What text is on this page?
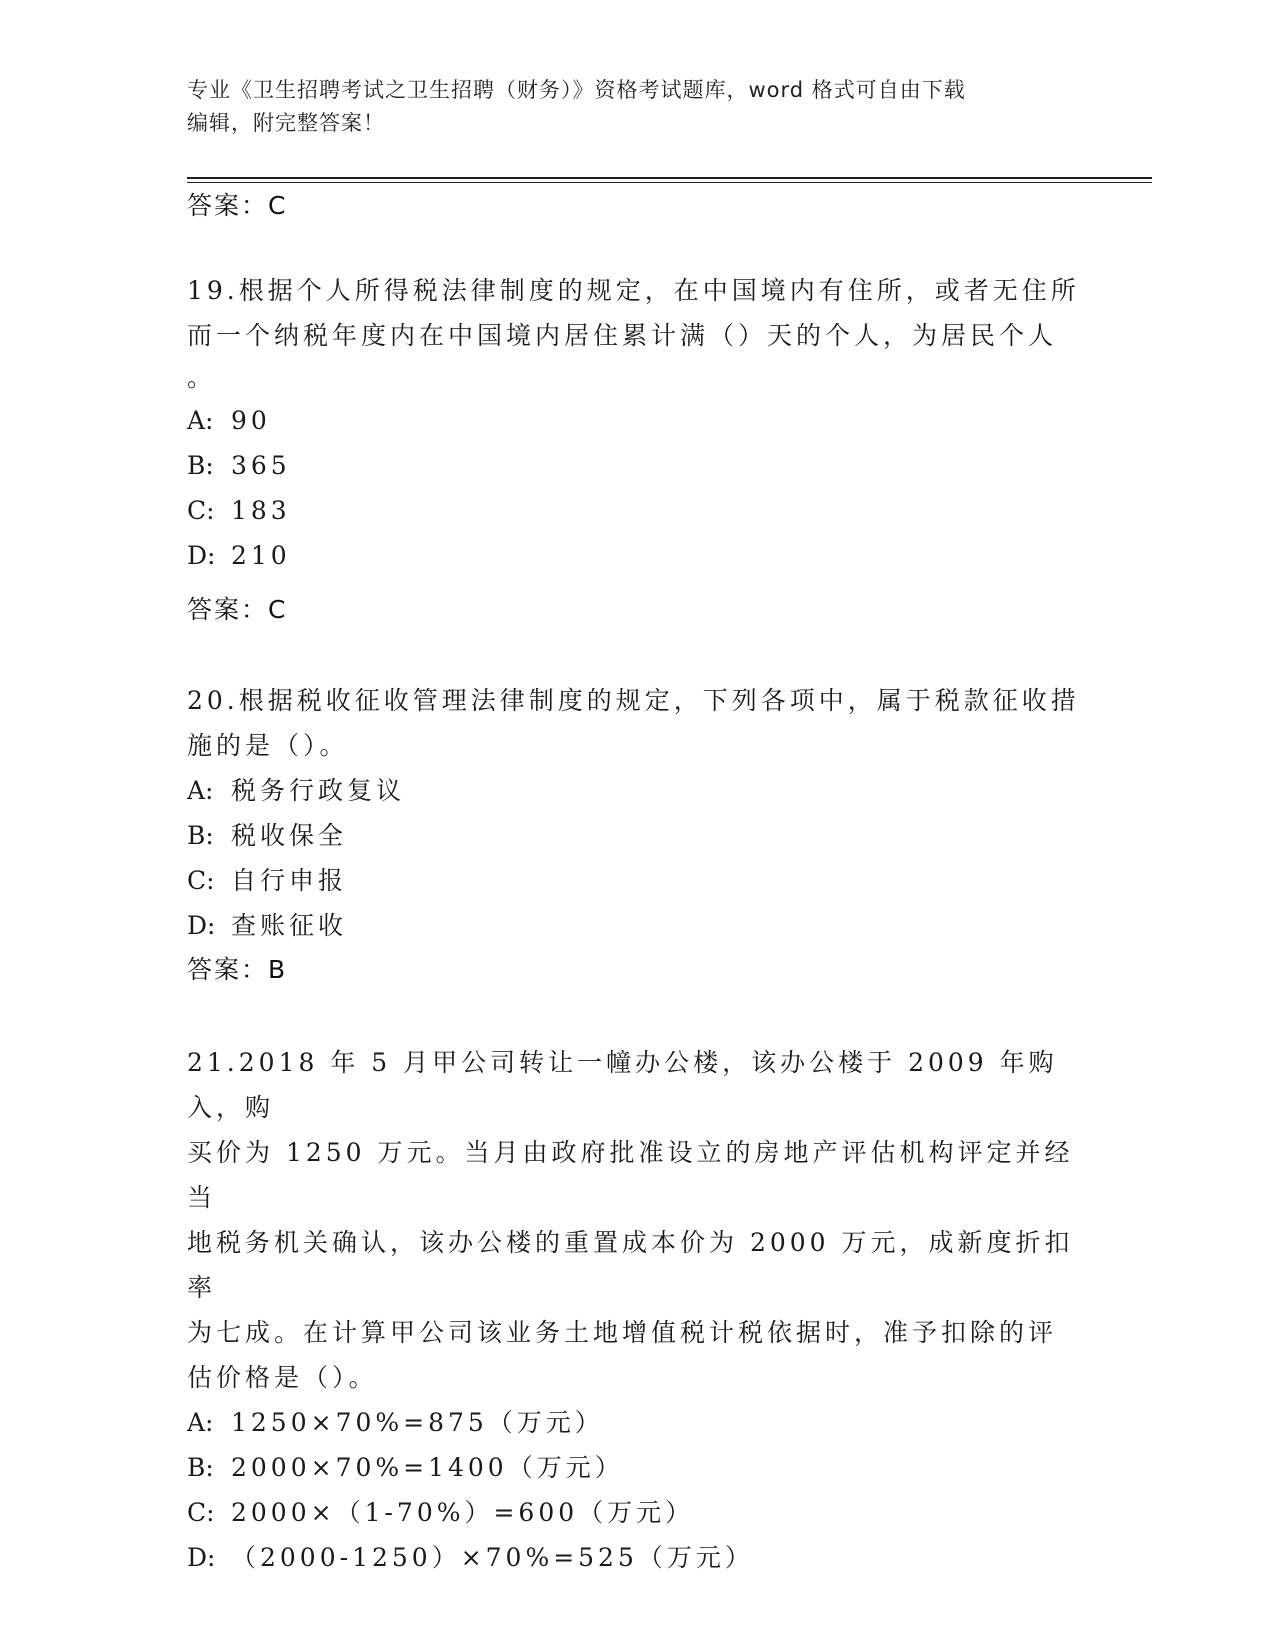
专业《卫生招聘考试之卫生招聘（财务）》资格考试题库，word 格式可自由下载
编辑，附完整答案！
答案：C
19.根据个人所得税法律制度的规定，在中国境内有住所，或者无住所
而一个纳税年度内在中国境内居住累计满（）天的个人，为居民个人
。
A: 90
B: 365
C: 183
D: 210
答案：C
20.根据税收征收管理法律制度的规定，下列各项中，属于税款征收措
施的是（）。
A: 税务行政复议
B: 税收保全
C: 自行申报
D: 查账征收
答案：B
21.2018 年 5 月甲公司转让一幢办公楼，该办公楼于 2009 年购入，购
买价为 1250 万元。当月由政府批准设立的房地产评估机构评定并经当
地税务机关确认，该办公楼的重置成本价为 2000 万元，成新度折扣率
为七成。在计算甲公司该业务土地增值税计税依据时，准予扣除的评
估价格是（）。
A: 1250×70%=875（万元）
B: 2000×70%=1400（万元）
C: 2000×（1-70%）=600（万元）
D: （2000-1250）×70%=525（万元）
